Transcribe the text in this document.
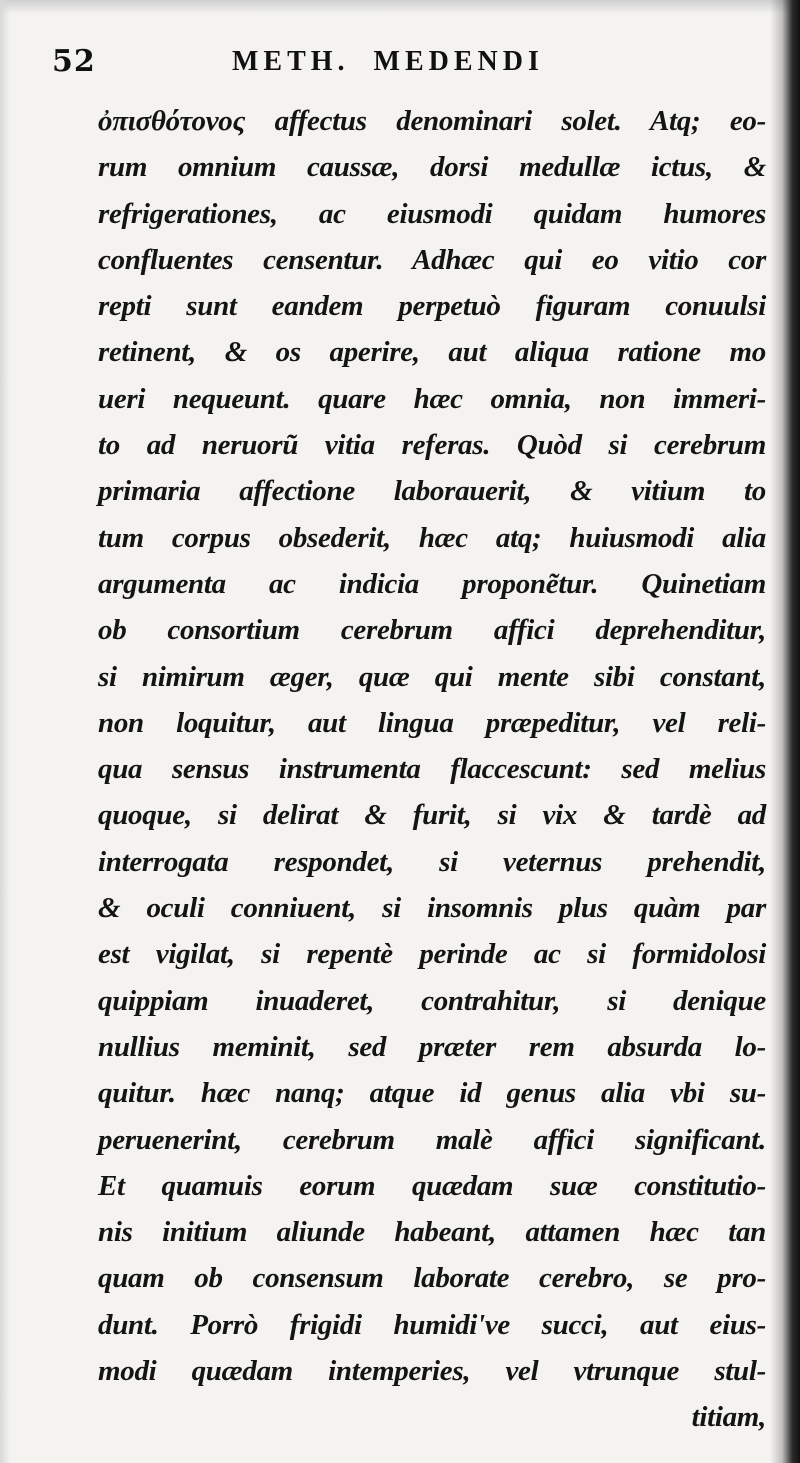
52	METH.  MEDENDI
ὀπισθότονος affectus denominari solet. Atq; eo-
rum omnium caussæ, dorsi medullæ ictus, &
refrigerationes, ac eiusmodi quidam humores
confluentes censentur. Adhæc qui eo vitio cor
repti sunt eandem perpetuò figuram conuulsi
retinent, & os aperire, aut aliqua ratione mo
ueri nequeunt. quare hæc omnia, non immeri-
to ad neruorũ vitia referas. Quòd si cerebrum
primaria affectione laborauerit, & vitium to
tum corpus obsederit, hæc atq; huiusmodi alia
argumenta ac indicia proponẽtur. Quinetiam
ob consortium cerebrum affici deprehenditur,
si nimirum æger, quæ qui mente sibi constant,
non loquitur, aut lingua præpeditur, vel reli-
qua sensus instrumenta flaccescunt: sed melius
quoque, si delirat & furit, si vix & tardè ad
interrogata respondet, si veternus prehendit,
& oculi conniuent, si insomnis plus quàm par
est vigilat, si repentè perinde ac si formidolosi
quippiam inuaderet, contrahitur, si denique
nullius meminit, sed præter rem absurda lo-
quitur. hæc nanq; atque id genus alia vbi su-
peruenerint, cerebrum malè affici significant.
Et quamuis eorum quædam suæ constitutio-
nis initium aliunde habeant, attamen hæc tan
quam ob consensum laborate cerebro, se pro-
dunt. Porrò frigidi humidi've succi, aut eius-
modi quædam intemperies, vel vtrunque stul-
titiam,
